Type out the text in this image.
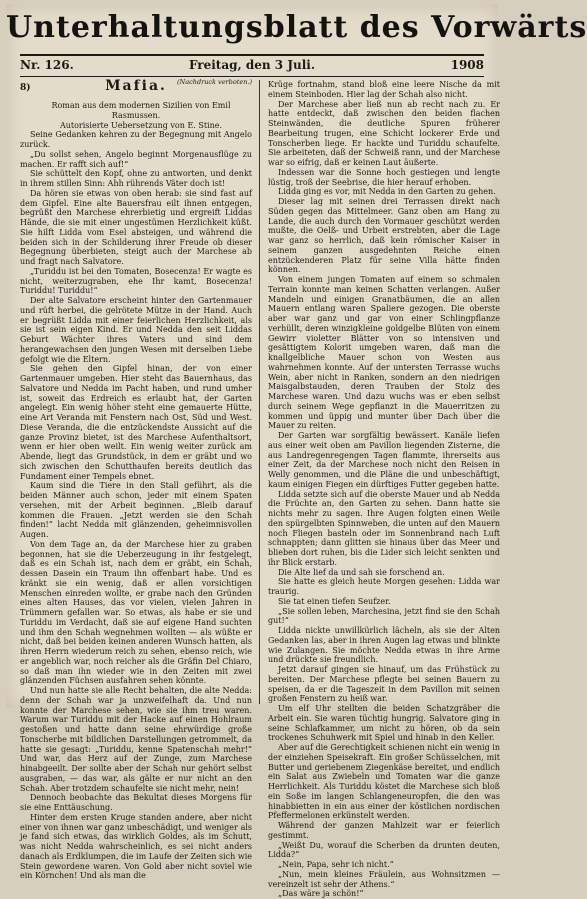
Unterhaltungsblatt des Vorwärts
Nr. 126.	Freitag, den 3 Juli.	1908
8)	Mafia.	(Nachdruck verboten.)

Roman aus dem modernen Sizilien von Emil Rasmussen.

Autorisierte Uebersetzung von E. Stine.

Seine Gedanken kehren zu der Begegnung mit Angelo zurück.

„Du sollst sehen, Angelo beginnt Morgenausflüge zu machen. Er rafft sich auf!“

Sie schüttelt den Kopf, ohne zu antworten, und denkt in ihrem stillen Sinn: Ahh rührends Väter doch ist!

Da hören sie etwas von oben herab: sie sind fast auf dem Gipfel. Eine alte Bauersfrau eilt ihnen entgegen, begrüßt den Marchese ehrerbietig und ergreift Liddas Hände, die sie mit einer ungestümen Herzlichkeit küßt. Sie hilft Lidda vom Esel absteigen, und während die beiden sich in der Schilderung ihrer Freude ob dieser Begegnung überbieten, steigt auch der Marchese ab und fragt nach Salvatore.

„Turiddu ist bei den Tomaten, Bosecenza! Er wagte es nicht, weiterzugraben, ehe Ihr kamt, Bosecenza! Turiddu! Turiddu!“

Der alte Salvatore erscheint hinter den Gartenmauer und rüft herbei, die gelrötete Mütze in der Hand. Auch er begrüßt Lidda mit einer feierlichen Herzlichkeit, als sie ist sein eigen Kind. Er und Nedda den seit Liddas Geburt Wächter ihres Vaters und sind dem herangewachsen den jungen Wesen mit derselben Liebe gefolgt wie die Eltern.

Sie gehen den Gipfel hinan, der von einer Gartenmauer umgeben. Hier steht das Bauernhaus, das Salvatore und Nedda im Pacht haben, und rund umher ist, soweit das Erdreich es erlaubt hat, der Garten angelegt. Ein wenig höher steht eine gemauerte Hütte, eine Art Veranda mit Fenstern nach Ost, Süd und West. Diese Veranda, die die entzückendste Aussicht auf die ganze Provinz bietet, ist des Marchese Aufenthaltsort, wenn er hier oben weilt. Ein wenig weiter zurück am Abende, liegt das Grundstück, in dem er gräbt und wo sich zwischen den Schutthaufen bereits deutlich das Fundament einer Tempels ebnet.

Kaum sind die Tiere in den Stall geführt, als die beiden Männer auch schon, jeder mit einem Spaten versehen, mit der Arbeit beginnen. „Bleib darauf kommen die Frauen. „Jetzt werden sie den Schah finden!“ lacht Nedda mit glänzenden, geheimnisvollen Augen.

Von dem Tage an, da der Marchese hier zu graben begonnen, hat sie die Ueberzeugung in ihr festgelegt, daß es ein Schah ist, nach dem er gräbt, ein Schah, dessen Dasein ein Traum ihn offenbart habe. Und es kränkt sie ein wenig, daß er allen vorsichtigen Menschen einreden wollte, er grabe nach den Gründen eines alten Hauses, das vor vielen, vielen Jahren in Trümmern gefallen war. So etwas, als habe er sie und Turiddu im Verdacht, daß sie auf eigene Hand suchten und ihm den Schah wegnehmen wollten — als wüßte er nicht, daß bei beiden keinen anderen Wunsch hatten, als ihren Herrn wiederum reich zu sehen, ebenso reich, wie er angeblich war, noch reicher als die Gräfin Del Chiaro, so daß man ihn wieder wie in den Zeiten mit zwei glänzenden Füchsen ausfahren sehen könnte.

Und nun hatte sie alle Recht behalten, die alte Nedda: denn der Schah war ja unzweifelhaft da. Und nun konnte der Marchese sehen, wie sie ihm treu waren. Warum war Turiddu mit der Hacke auf einen Hohlraum gestoßen und hatte dann seine ehrwürdige große Tonscherbe mit bildlichen Darstellungen getrommelt, da hatte sie gesagt: „Turiddu, kenne Spatenschah mehr!“ Und war, das Herz auf der Zunge, zum Marchese hinabgeeilt. Der sollte aber der Schah nur gehört selbst ausgraben, — das war, als gälte er nur nicht an den Schah. Aber trotzdem schaufelte sie nicht mehr, nein!

Dennoch beobachte das Bekultat dieses Morgens für sie eine Enttäuschung.

Hinter dem ersten Kruge standen andere, aber nicht einer von ihnen war ganz unbeschädigt, und weniger als je fand sich etwas, das wirklich Goldes, als im Schutt, was nicht Nedda wahrscheinlich, es sei nicht anders danach als Erdklumpen, die im Laufe der Zeiten sich wie Stein gewordene waren. Von Gold aber nicht soviel wie ein Körnchen! Und als man die

Krüge fortnahm, stand bloß eine leere Nische da mit einem Steinboden. Hier lag der Schah also nicht.

Der Marchese aber ließ nun ab recht nach zu. Er hatte entdeckt, daß zwischen den beiden flachen Steinwänden, die deutliche Spuren früherer Bearbeitung trugen, eine Schicht lockerer Erde und Tonscherben liege. Er hackte und Turiddu schaufelte. Sie arbeiteten, daß der Schweiß rann, und der Marchese war so eifrig, daß er keinen Laut äußerte.

Indessen war die Sonne hoch gestiegen und lengte lüstig, troß der Seebrise, die hier herauf erhoben.

Lidda ging es vor, mit Nedda in den Garten zu gehen.

Dieser lag mit seinen drei Terrassen direkt nach Süden gegen das Mittelmeer. Ganz oben am Hang zu Lande, die auch durch den Vormauer geschützt werden mußte, die Oelß- und Urbeit erstrebten, aber die Lage war ganz so herrlich, daß kein römischer Kaiser in seinem ganzen ausgedehnten Reiche einen entzückenderen Platz für seine Villa hätte finden können.

Von einem jungen Tomaten auf einem so schmalen Terrain konnte man keinen Schatten verlangen. Außer Mandeln und einigen Granatbäumen, die an allen Mauern entlang waren Spaliere gezogen. Die oberste aber war ganz und gar von einer Schlingpflanze verhüllt, deren winzigkleine goldgelbe Blüten von einem Gewirr violetter Blätter von so intensiven und gesättigtem Kolorit umgeben waren, daß man die knallgelbliche Mauer schon von Westen aus wahrnehmen konnte. Auf der untersten Terrasse wuchs Wein, aber nicht in Ranken, sondern an den niedrigen Maisgalbstauden, deren Trauben der Stolz des Marchese waren. Und dazu wuchs was er eben selbst durch seinem Wege gepflanzt in die Mauerritzen zu kommen und üppig und munter über Dach über die Mauer zu reiten.

Der Garten war sorgfältig bewässert. Kanäle liefen aus einer weit oben am Pavillon liegenden Zisterne, die aus Landregenregengen Tagen flammte, ihrerseits aus einer Zeit, da der Marchese noch nicht den Reisen in Welly genommen, und die Pläne die und unbeschäftigt, kaum einigen Fiegen ein dürftiges Futter gegeben hatte.

Lidda setzte sich auf die oberste Mauer und ab Nedda die Früchte an, den Garten zu sehen. Dann hatte sie nichts mehr zu sagen. Ihre Augen folgten einen Weile den spürgelbten Spinnweben, die unten auf den Mauern noch Fliegen basteln oder im Sonnenbrand nach Luft schnappten; dann glitten sie hinaus über das Meer und blieben dort ruhen, bis die Lider sich leicht senkten und ihr Blick erstarb.

Die Alte lief da und sah sie forschend an.

Sie hatte es gleich heute Morgen gesehen: Lidda war traurig.

Sie tat einen tiefen Seufzer.

„Sie sollen leben, Marchesina, jetzt find sie den Schah gut!“

Lidda nickte unwillkürlich lächeln, als sie der Alten Gedanken las, aber in ihren Augen lag etwas und blinkte wie Zulangen. Sie möchte Nedda etwas in ihre Arme und drückte sie freundlich.

Jetzt darauf gingen sie hinauf, um das Frühstück zu bereiten. Der Marchese pflegte bei seinen Bauern zu speisen, da er die Tageszeit in dem Pavillon mit seinen großen Fenstern zu heiß war.

Um elf Uhr stellten die beiden Schatzgräber die Arbeit ein. Sie waren tüchtig hungrig. Salvatore ging in seine Schlafkammer, um nicht zu hören, ob da sein trockenes Schuhwerk mit Spiel und hinab in den Keller.

Aber auf die Gerechtigkeit schienen nicht ein wenig in der einziehen Speisekraft. Ein großer Schüsselchen, mit Butter und geriebenem Ziegenkäse bereitet, und endlich ein Salat aus Zwiebeln und Tomaten war die ganze Herrlichkeit. Als Turiddu köstet die Marchese sich bloß ein Soße im langen Schlangeneuropfen, die den was hinabbietten in ein aus einer der köstlichen nordischen Pfeffermelonen erkünstelt werden.

Während der ganzen Mahlzeit war er feierlich gestimmt.

„Weißt Du, worauf die Scherben da drunten deuten, Lidda?“

„Nein, Papa, sehr ich nicht.“

„Nun, mein kleines Fräulein, aus Wohnsitzmen — vereinzelt ist sehr der Athens.“

„Das wäre ja schön!“
